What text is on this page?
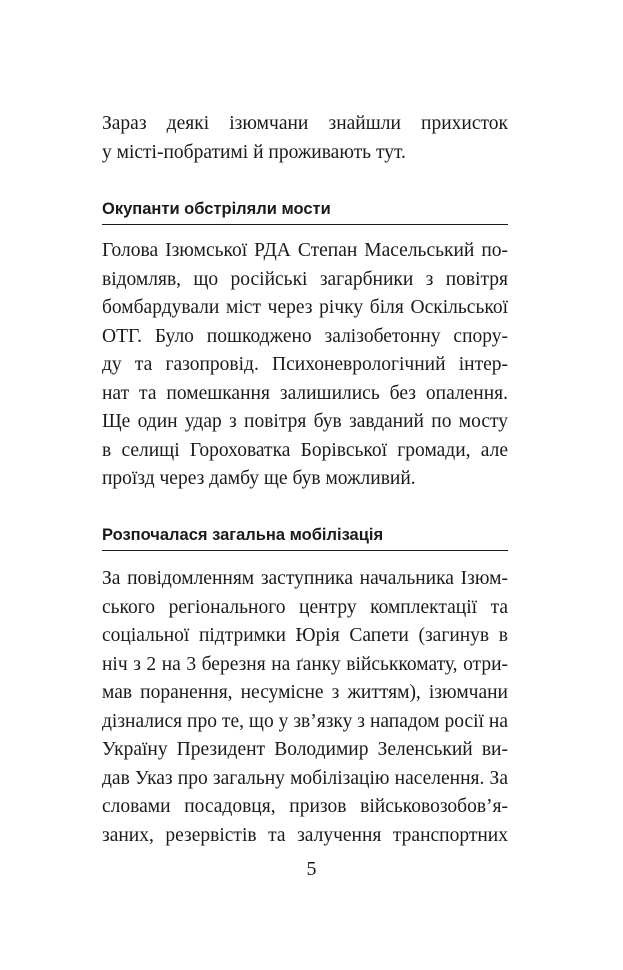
Зараз деякі ізюмчани знайшли прихисток
у місті-побратимі й проживають тут.
Окупанти обстріляли мости
Голова Ізюмської РДА Степан Масельський по-
відомляв, що російські загарбники з повітря
бомбардували міст через річку біля Оскільської
ОТГ. Було пошкоджено залізобетонну спору-
ду та газопровід. Психоневрологічний інтер-
нат та помешкання залишились без опалення.
Ще один удар з повітря був завданий по мосту
в селищі Гороховатка Борівської громади, але
проїзд через дамбу ще був можливий.
Розпочалася загальна мобілізація
За повідомленням заступника начальника Ізюм-
ського регіонального центру комплектації та
соціальної підтримки Юрія Сапети (загинув в
ніч з 2 на 3 березня на ґанку військкомату, отри-
мав поранення, несумісне з життям), ізюмчани
дізналися про те, що у зв’язку з нападом росії на
Україну Президент Володимир Зеленський ви-
дав Указ про загальну мобілізацію населення. За
словами посадовця, призов військовозобов’я-
заних, резервістів та залучення транспортних
5
